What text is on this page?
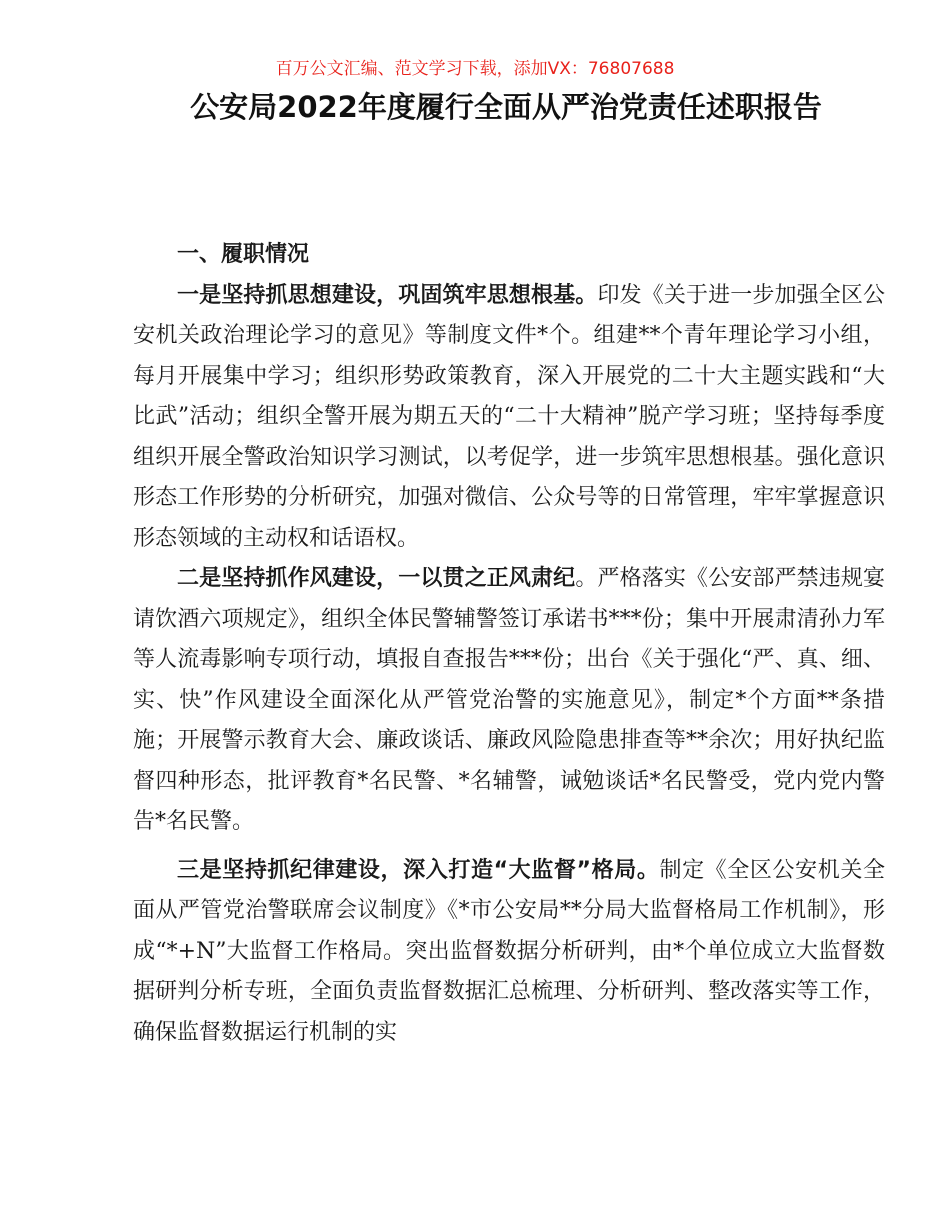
百万公文汇编、范文学习下载，添加VX：76807688
公安局2022年度履行全面从严治党责任述职报告

一、履职情况

一是坚持抓思想建设，巩固筑牢思想根基。印发《关于进一步加强全区公安机关政治理论学习的意见》等制度文件*个。组建**个青年理论学习小组，每月开展集中学习；组织形势政策教育，深入开展党的二十大主题实践和“大比武”活动；组织全警开展为期五天的“二十大精神”脱产学习班；坚持每季度组织开展全警政治知识学习测试，以考促学，进一步筑牢思想根基。强化意识形态工作形势的分析研究，加强对微信、公众号等的日常管理，牢牢掌握意识形态领域的主动权和话语权。

二是坚持抓作风建设，一以贯之正风肃纪。严格落实《公安部严禁违规宴请饮酒六项规定》，组织全体民警辅警签订承诺书***份；集中开展肃清孙力军等人流毒影响专项行动，填报自查报告***份；出台《关于强化“严、真、细、实、快”作风建设全面深化从严管党治警的实施意见》，制定*个方面**条措施；开展警示教育大会、廉政谈话、廉政风险隐患排查等**余次；用好执纪监督四种形态，批评教育*名民警、*名辅警，诫勉谈话*名民警受，党内党内警告*名民警。

三是坚持抓纪律建设，深入打造“大监督”格局。制定《全区公安机关全面从严管党治警联席会议制度》《*市公安局**分局大监督格局工作机制》，形成“*+N”大监督工作格局。突出监督数据分析研判，由*个单位成立大监督数据研判分析专班，全面负责监督数据汇总梳理、分析研判、整改落实等工作，确保监督数据运行机制的实
